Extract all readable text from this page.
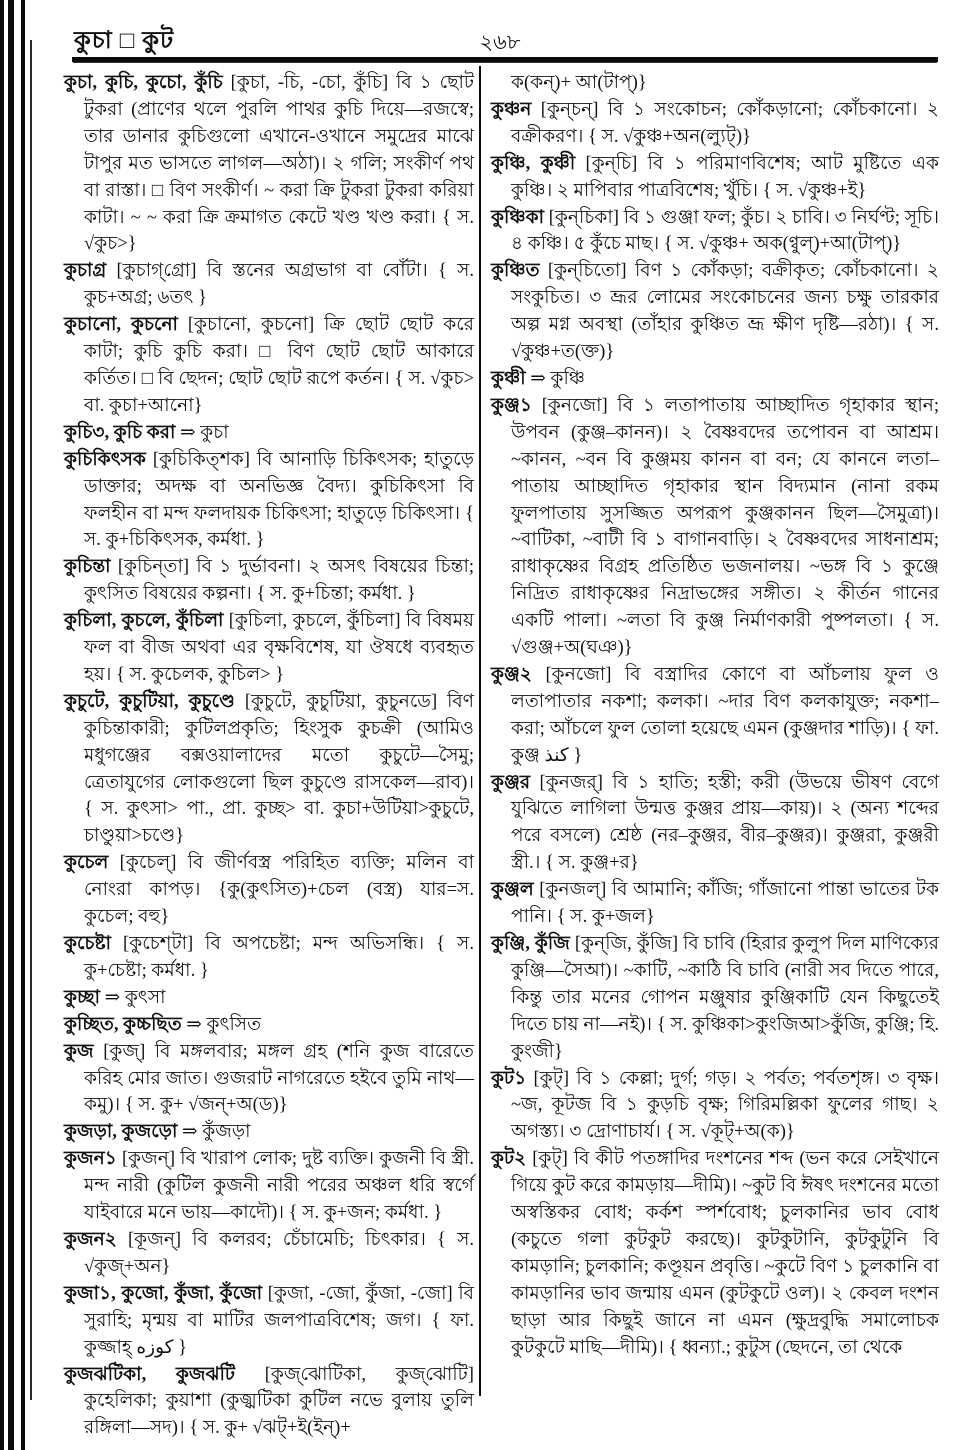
কুচা □ কুট	২৬৮

কুচা, কুচি, কুচো, কুঁচি [কুচা, -চি, -চো, কুঁচি] বি ১ ছোট টুকরা (প্রাণের থলে পুরলি পাথর কুচি দিয়ে—রজস্বে; তার ডানার কুচিগুলো এখানে-ওখানে সমুদ্রের মাঝে টাপুর মত ভাসতে লাগল—অঠা)। ২ গলি; সংকীর্ণ পথ বা রাস্তা। □ বিণ সংকীর্ণ। ~ করা ক্রি টুকরা টুকরা করিয়া কাটা। ~ ~ করা ক্রি ক্রমাগত কেটে খণ্ড খণ্ড করা। { স. √কুচ>}

কুচাগ্র [কুচাগ্‌গ্রো] বি স্তনের অগ্রভাগ বা বোঁটা। { স. কুচ+অগ্র; ৬তৎ }

কুচানো, কুচনো [কুচানো, কুচনো] ক্রি ছোট ছোট করে কাটা; কুচি কুচি করা। □ বিণ ছোট ছোট আকারে কর্তিত। □ বি ছেদন; ছোট ছোট রূপে কর্তন। { স. √কুচ> বা. কুচা+আনো}

কুচি৩, কুচি করা ⇒ কুচা

কুচিকিৎসক [কুচিকিত্‌শক] বি আনাড়ি চিকিৎসক; হাতুড়ে ডাক্তার; অদক্ষ বা অনভিজ্ঞ বৈদ্য। কুচিকিৎসা বি ফলহীন বা মন্দ ফলদায়ক চিকিৎসা; হাতুড়ে চিকিৎসা। { স. কু+চিকিৎসক, কর্মধা. }

কুচিন্তা [কুচিন্‌তা] বি ১ দুর্ভাবনা। ২ অসৎ বিষয়ের চিন্তা; কুৎসিত বিষয়ের কল্পনা। { স. কু+চিন্তা; কর্মধা. }

কুচিলা, কুচলে, কুঁচিলা [কুচিলা, কুচলে, কুঁচিলা] বি বিষময় ফল বা বীজ অথবা এর বৃক্ষবিশেষ, যা ঔষধে ব্যবহৃত হয়। { স. কুচেলক, কুচিল> }

কুচুটে, কুচুটিয়া, কুচুণ্ডে [কুচুটে, কুচুটিয়া, কুচুনডে] বিণ কুচিন্তাকারী; কুটিলপ্রকৃতি; হিংসুক কুচক্রী (আমিও মধুগঞ্জের বক্সওয়ালাদের মতো কুচুটে—সৈমু; ত্রেতাযুগের লোকগুলো ছিল কুচুণ্ডে রাসকেল—রাব)। { স. কুৎসা> পা., প্রা. কুচ্ছ> বা. কুচা+উটিয়া>কুচুটে, চাণ্ডুয়া>চণ্ডে}

কুচেল [কুচেল্] বি জীর্ণবস্ত্র পরিহিত ব্যক্তি; মলিন বা নোংরা কাপড়। {কু(কুৎসিত)+চেল (বস্ত্র) যার=স. কুচেল; বহু}

কুচেষ্টা [কুচেশ্‌টা] বি অপচেষ্টা; মন্দ অভিসন্ধি। { স. কু+চেষ্টা; কর্মধা. }

কুচ্ছা ⇒ কুৎসা

কুচ্ছিত, কুচ্চছিত ⇒ কুৎসিত

কুজ [কুজ্] বি মঙ্গলবার; মঙ্গল গ্রহ (শনি কুজ বারেতে করিহ মোর জাত। গুজরাট নাগরেতে হইবে তুমি নাথ—কমু)। { স. কু+ √জন্+অ(ড)}

কুজড়া, কুজড়ো ⇒ কুঁজড়া

কুজন১ [কুজন্] বি খারাপ লোক; দুষ্ট ব্যক্তি। কুজনী বি স্ত্রী. মন্দ নারী (কুটিল কুজনী নারী পরের অঞ্চল ধরি স্বর্গে যাইবারে মনে ভায়—কাদৌ)। { স. কু+জন; কর্মধা. }

কুজন২ [কূজন্] বি কলরব; চেঁচামেচি; চিৎকার। { স. √কুজ্+অন}

কুজা১, কুজো, কুঁজা, কুঁজো [কুজা, -জো, কুঁজা, -জো] বি সুরাহি; মৃন্ময় বা মাটির জলপাত্রবিশেষ; জগ। { ফা. কুজ্জাহ্ كوزه }

কুজঝটিকা, কুজঝটি [কুজ্‌ঝোটিকা, কুজ্‌ঝোটি] কুহেলিকা; কুয়াশা (কুজ্ঝটিকা কুটিল নভে বুলায় তুলি রঙ্গিলা—সদ)। { স. কু+ √ঝট্+ই(ইন্)+

ক(কন্)+ আ(টাপ্)}

কুঞ্চন [কুন্‌চন্] বি ১ সংকোচন; কোঁকড়ানো; কোঁচকানো। ২ বক্রীকরণ। { স. √কুঞ্চ+অন(ল্যুট্)}

কুঞ্চি, কুঞ্চী [কুন্‌চি] বি ১ পরিমাণবিশেষ; আট মুষ্টিতে এক কুঞ্চি। ২ মাপিবার পাত্রবিশেষ; খুঁচি। { স. √কুঞ্চ+ই}

কুঞ্চিকা [কুন্‌চিকা] বি ১ গুঞ্জা ফল; কুঁচ। ২ চাবি। ৩ নির্ঘণ্ট; সূচি। ৪ কঞ্চি। ৫ কুঁচে মাছ। { স. √কুঞ্চ+ অক(ণ্বুল্)+আ(টাপ্)}

কুঞ্চিত [কুন্‌চিতো] বিণ ১ কোঁকড়া; বক্রীকৃত; কোঁচকানো। ২ সংকুচিত। ৩ ভ্রূর লোমের সংকোচনের জন্য চক্ষু তারকার অল্প মগ্ন অবস্থা (তাঁহার কুঞ্চিত ভ্রূ ক্ষীণ দৃষ্টি—রঠা)। { স. √কুঞ্চ+ত(ক্ত)}

কুঞ্চী ⇒ কুঞ্চি

কুঞ্জ১ [কুনজো] বি ১ লতাপাতায় আচ্ছাদিত গৃহাকার স্থান; উপবন (কুঞ্জ–কানন)। ২ বৈষ্ণবদের তপোবন বা আশ্রম। ~কানন, ~বন বি কুঞ্জময় কানন বা বন; যে কাননে লতা–পাতায় আচ্ছাদিত গৃহাকার স্থান বিদ্যমান (নানা রকম ফুলপাতায় সুসজ্জিত অপরূপ কুঞ্জকানন ছিল—সৈমুত্রা)। ~বাটিকা, ~বাটী বি ১ বাগানবাড়ি। ২ বৈষ্ণবদের সাধনাশ্রম; রাধাকৃষ্ণের বিগ্রহ প্রতিষ্ঠিত ভজনালয়। ~ভঙ্গ বি ১ কুঞ্জে নিদ্রিত রাধাকৃষ্ণের নিদ্রাভঙ্গের সঙ্গীত। ২ কীর্তন গানের একটি পালা। ~লতা বি কুঞ্জ নির্মাণকারী পুষ্পলতা। { স. √গুঞ্জ+অ(ঘঞ)}

কুঞ্জ২ [কুনজো] বি বস্ত্রাদির কোণে বা আঁচলায় ফুল ও লতাপাতার নকশা; কলকা। ~দার বিণ কলকাযুক্ত; নকশা–করা; আঁচলে ফুল তোলা হয়েছে এমন (কুঞ্জদার শাড়ি)। { ফা. কুঞ্জ كنذ }

কুঞ্জর [কুনজর্] বি ১ হাতি; হস্তী; করী (উভয়ে ভীষণ বেগে যুঝিতে লাগিলা উন্মত্ত কুঞ্জর প্রায়—কায়)। ২ (অন্য শব্দের পরে বসলে) শ্রেষ্ঠ (নর–কুঞ্জর, বীর–কুঞ্জর)। কুঞ্জরা, কুঞ্জরী স্ত্রী.। { স. কুঞ্জ+র}

কুঞ্জল [কুনজল্] বি আমানি; কাঁজি; গাঁজানো পান্তা ভাতের টক পানি। { স. কু+জল}

কুঞ্জি, কুঁজি [কুন্‌জি, কুঁজি] বি চাবি (হিরার কুলুপ দিল মাণিক্যের কুঞ্জি—সৈআ)। ~কাটি, ~কাঠি বি চাবি (নারী সব দিতে পারে, কিন্তু তার মনের গোপন মঞ্জুষার কুঞ্জিকাটি যেন কিছুতেই দিতে চায় না—নই)। { স. কুঞ্চিকা>কুংজিআ>কুঁজি, কুঞ্জি; হি. কুংজী}

কুট১ [কুট্] বি ১ কেল্লা; দুর্গ; গড়। ২ পর্বত; পর্বতশৃঙ্গ। ৩ বৃক্ষ। ~জ, কূটজ বি ১ কুড়চি বৃক্ষ; গিরিমল্লিকা ফুলের গাছ। ২ অগস্ত্য। ৩ দ্রোণাচার্য। { স. √কূট্+অ(ক)}

কুট২ [কুট্] বি কীট পতঙ্গাদির দংশনের শব্দ (ভন করে সেইখানে গিয়ে কুট করে কামড়ায়—দীমি)। ~কুট বি ঈষৎ দংশনের মতো অস্বস্তিকর বোধ; কর্কশ স্পর্শবোধ; চুলকানির ভাব বোধ (কচুতে গলা কুটকুট করছে)। কুটকুটানি, কুটকুটুনি বি কামড়ানি; চুলকানি; কণ্ডূয়ন প্রবৃত্তি। ~কুটে বিণ ১ চুলকানি বা কামড়ানির ভাব জন্মায় এমন (কুটকুটে ওল)। ২ কেবল দংশন ছাড়া আর কিছুই জানে না এমন (ক্ষুদ্রবুদ্ধি সমালোচক কুটকুটে মাছি—দীমি)। { ধ্বন্যা.; কুটুস (ছেদনে, তা থেকে
